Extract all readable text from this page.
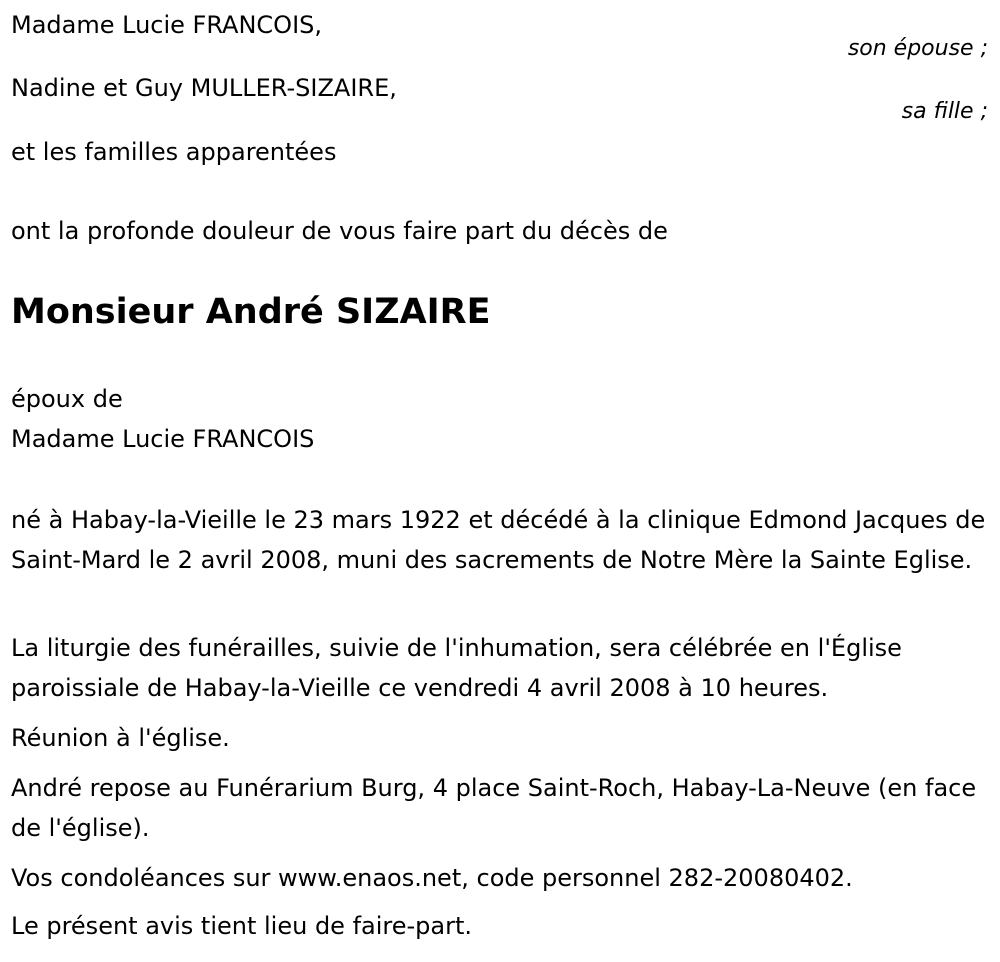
Madame Lucie FRANCOIS,
son épouse ;
Nadine et Guy MULLER-SIZAIRE,
sa fille ;
et les familles apparentées
ont la profonde douleur de vous faire part du décès de
Monsieur André SIZAIRE
époux de
Madame Lucie FRANCOIS
né à Habay-la-Vieille le 23 mars 1922 et décédé à la clinique Edmond Jacques de Saint-Mard le 2 avril 2008, muni des sacrements de Notre Mère la Sainte Eglise.
La liturgie des funérailles, suivie de l'inhumation, sera célébrée en l'Église paroissiale de Habay-la-Vieille ce vendredi 4 avril 2008 à 10 heures.
Réunion à l'église.
André repose au Funérarium Burg, 4 place Saint-Roch, Habay-La-Neuve (en face de l'église).
Vos condoléances sur www.enaos.net, code personnel 282-20080402.
Le présent avis tient lieu de faire-part.
